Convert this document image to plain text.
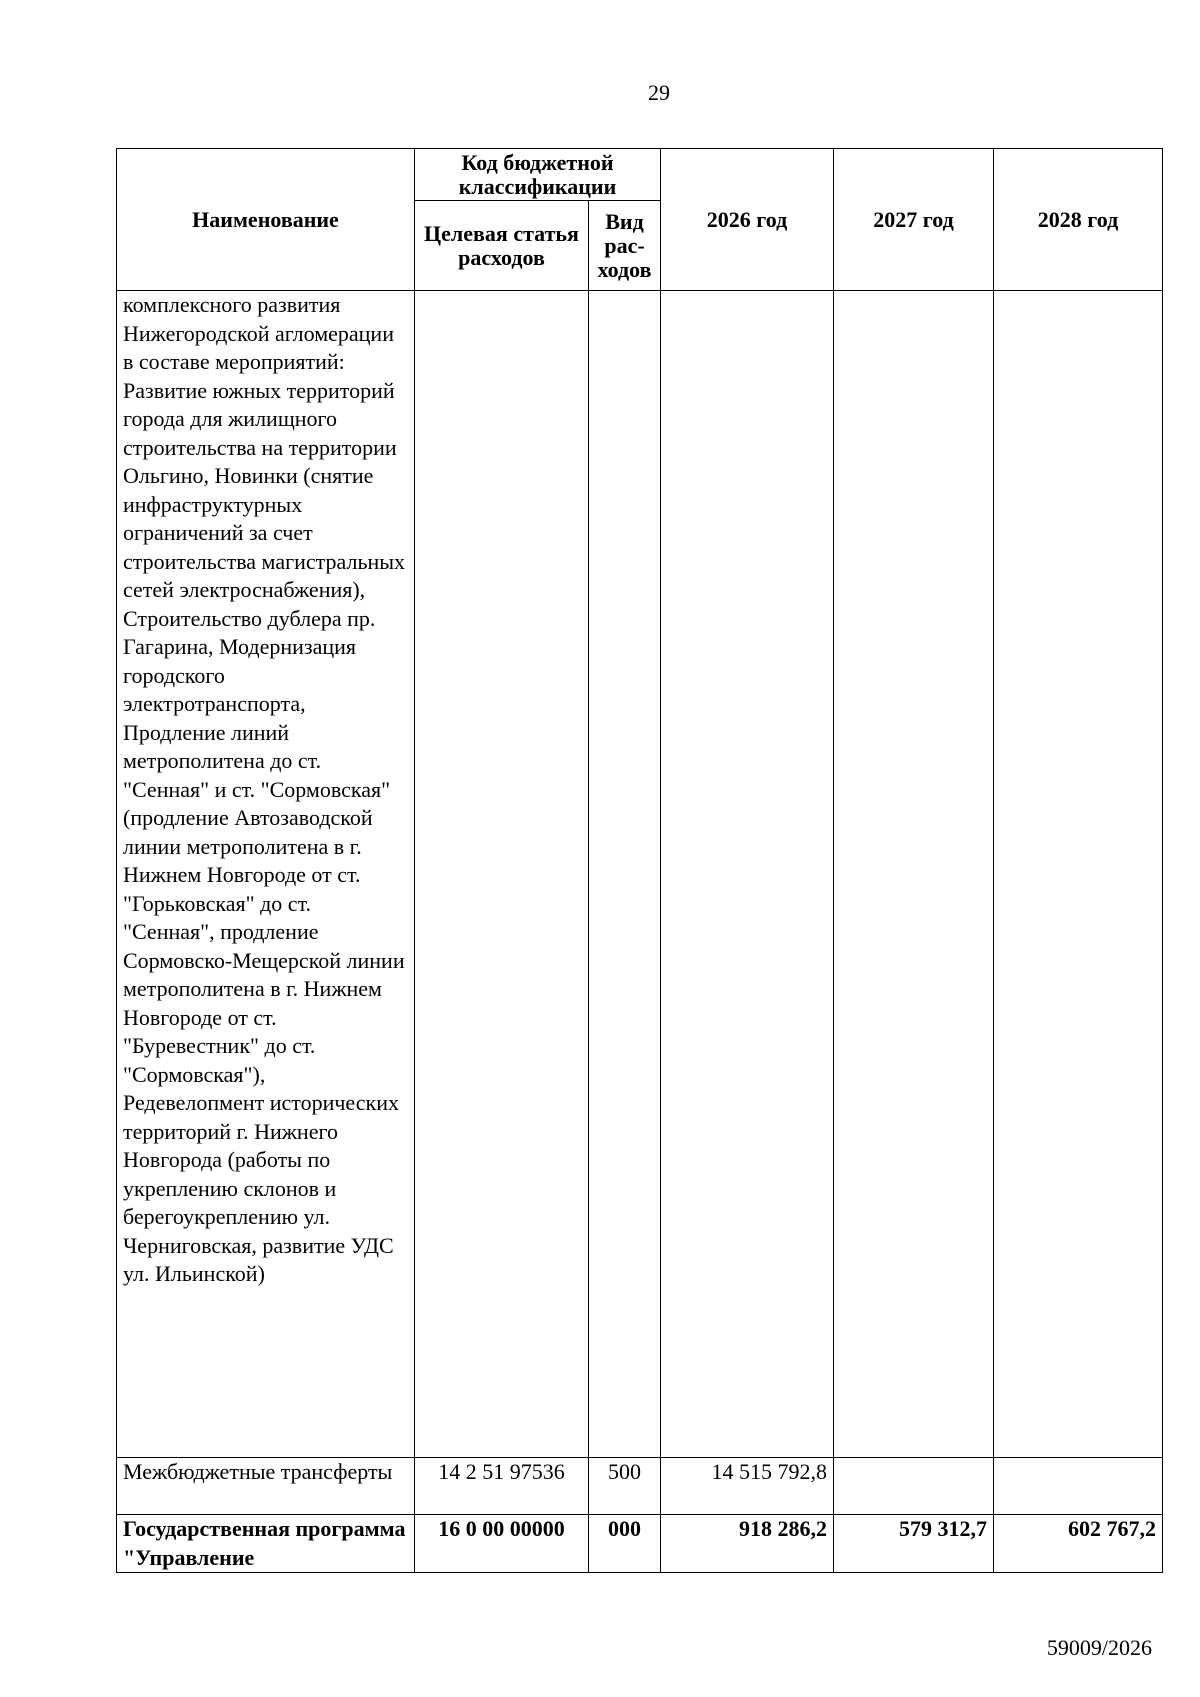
29
Наименование	Код бюджетной классификации		2026 год	2027 год	2028 год
	Целевая статья расходов	Вид рас-ходов			
комплексного развития Нижегородской агломерации в составе мероприятий: Развитие южных территорий города для жилищного строительства на территории Ольгино, Новинки (снятие инфраструктурных ограничений за счет строительства магистральных сетей электроснабжения), Строительство дублера пр. Гагарина, Модернизация городского электротранспорта, Продление линий метрополитена до ст. "Сенная" и ст. "Сормовская" (продление Автозаводской линии метрополитена в г. Нижнем Новгороде от ст. "Горьковская" до ст. "Сенная", продление Сормовско-Мещерской линии метрополитена в г. Нижнем Новгороде от ст. "Буревестник" до ст. "Сормовская"), Редевелопмент исторических территорий г. Нижнего Новгорода (работы по укреплению склонов и берегоукреплению ул. Черниговская, развитие УДС ул. Ильинской)					
Межбюджетные трансферты	14 2 51 97536	500	14 515 792,8		
Государственная программа "Управление	16 0 00 00000	000	918 286,2	579 312,7	602 767,2
59009/2026
